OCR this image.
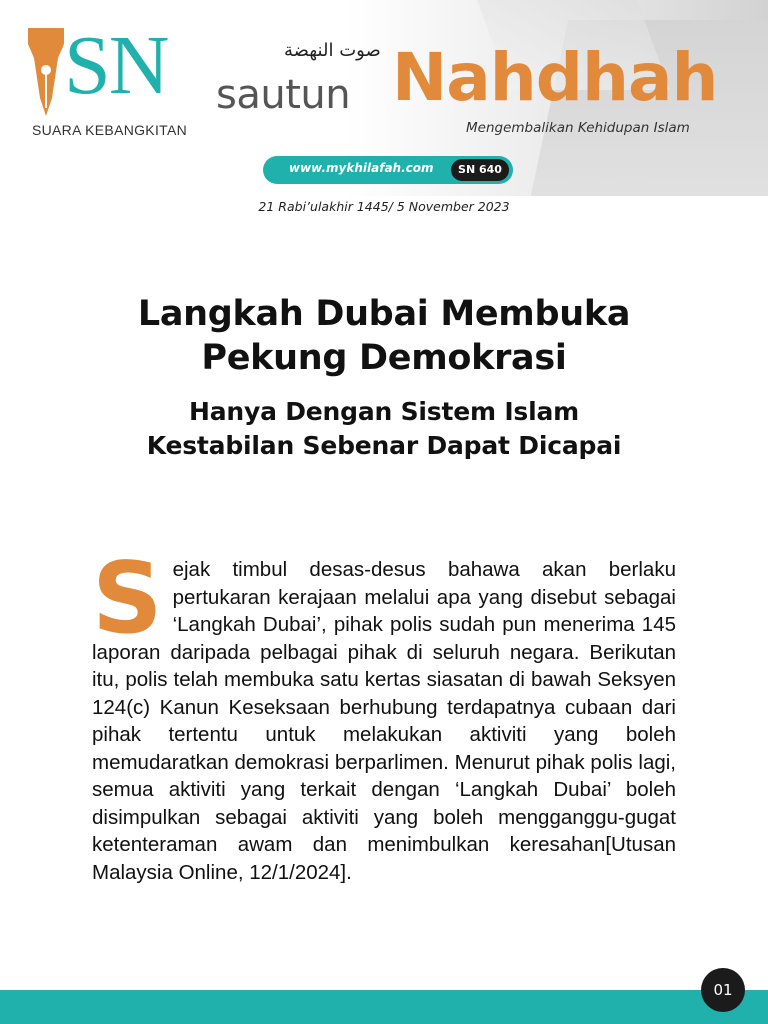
SN
SUARA KEBANGKITAN
صوت النهضة
sautun Nahdhah
Mengembalikan Kehidupan Islam
www.mykhilafah.com	SN 640
21 Rabi’ulakhir 1445/ 5 November 2023
Langkah Dubai Membuka
Pekung Demokrasi
Hanya Dengan Sistem Islam
Kestabilan Sebenar Dapat Dicapai
Sejak timbul desas-desus bahawa akan berlaku pertukaran kerajaan melalui apa yang disebut sebagai ‘Langkah Dubai’, pihak polis sudah pun menerima 145 laporan daripada pelbagai pihak di seluruh negara. Berikutan itu, polis telah membuka satu kertas siasatan di bawah Seksyen 124(c) Kanun Keseksaan berhubung terdapatnya cubaan dari pihak tertentu untuk melakukan aktiviti yang boleh memudaratkan demokrasi berparlimen. Menurut pihak polis lagi, semua aktiviti yang terkait dengan ‘Langkah Dubai’ boleh disimpulkan sebagai aktiviti yang boleh mengganggu-gugat ketenteraman awam dan menimbulkan keresahan[Utusan Malaysia Online, 12/1/2024].
01
